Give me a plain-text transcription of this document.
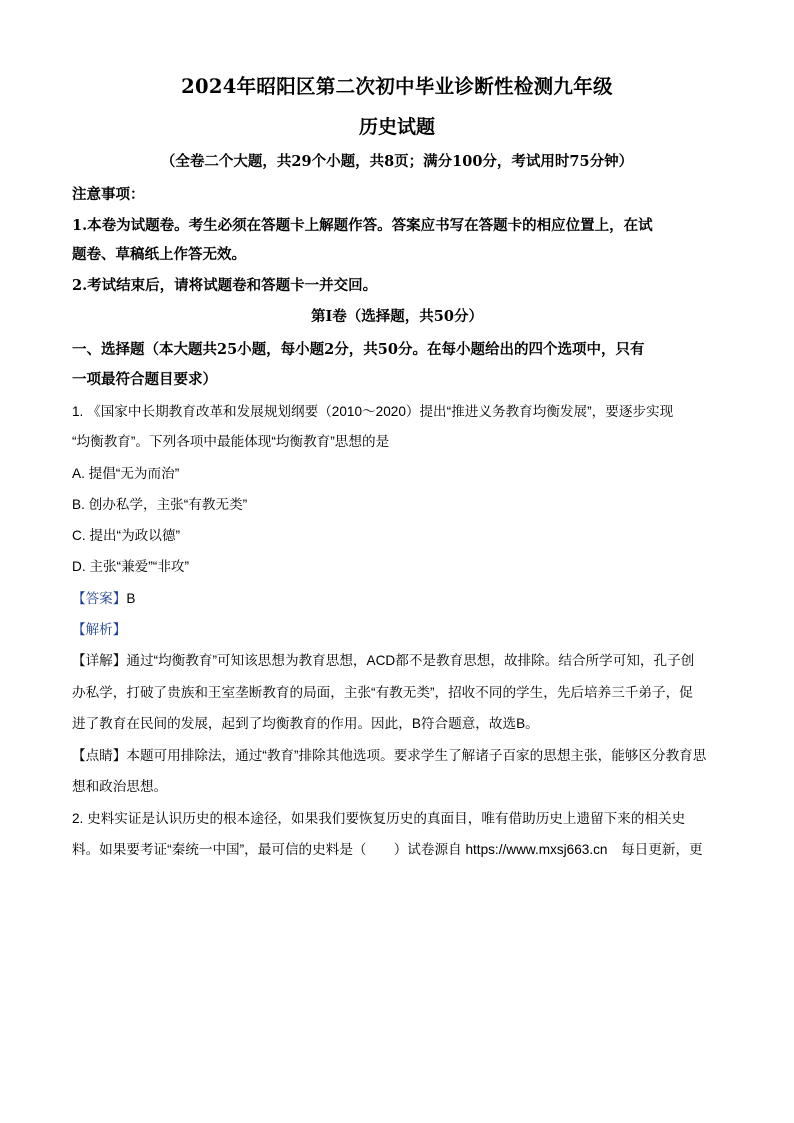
2024年昭阳区第二次初中毕业诊断性检测九年级
历史试题
（全卷二个大题，共29个小题，共8页；满分100分，考试用时75分钟）
注意事项：
1.本卷为试题卷。考生必须在答题卡上解题作答。答案应书写在答题卡的相应位置上，在试
题卷、草稿纸上作答无效。
2.考试结束后，请将试题卷和答题卡一并交回。
第Ⅰ卷（选择题，共50分）
一、选择题（本大题共25小题，每小题2分，共50分。在每小题给出的四个选项中，只有
一项最符合题目要求）
1. 《国家中长期教育改革和发展规划纲要（2010～2020）提出“推进义务教育均衡发展”，要逐步实现
“均衡教育”。下列各项中最能体现“均衡教育”思想的是
A. 提倡“无为而治”
B. 创办私学，主张“有教无类”
C. 提出“为政以德”
D. 主张“兼爱”“非攻”
【答案】B
【解析】
【详解】通过“均衡教育”可知该思想为教育思想，ACD都不是教育思想，故排除。结合所学可知，孔子创
办私学，打破了贵族和王室垄断教育的局面，主张“有教无类”，招收不同的学生，先后培养三千弟子，促
进了教育在民间的发展，起到了均衡教育的作用。因此，B符合题意，故选B。
【点睛】本题可用排除法，通过“教育”排除其他选项。要求学生了解诸子百家的思想主张，能够区分教育思
想和政治思想。
2. 史料实证是认识历史的根本途径，如果我们要恢复历史的真面目，唯有借助历史上遗留下来的相关史
料。如果要考证“秦统一中国”，最可信的史料是（　　）试卷源自 https://www.mxsj663.cn　每日更新，更
